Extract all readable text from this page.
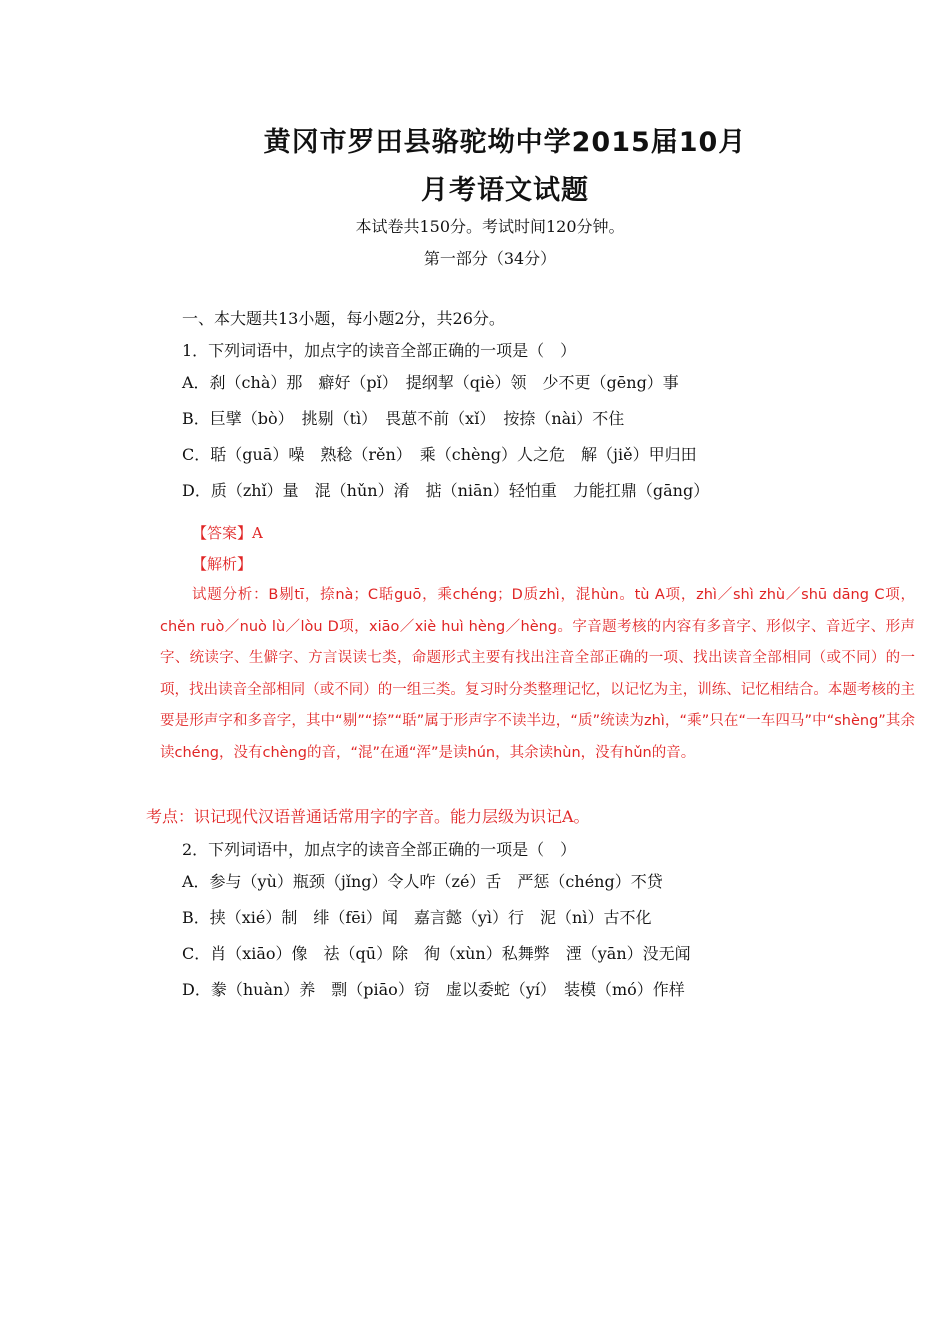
黄冈市罗田县骆驼坳中学2015届10月
月考语文试题
本试卷共150分。考试时间120分钟。
第一部分（34分）
一、本大题共13小题，每小题2分，共26分。
1．下列词语中，加点字的读音全部正确的一项是（　）
A．刹（chà）那　癖好（pǐ）　提纲挈（qiè）领　少不更（gēng）事
B．巨擘（bò）　挑剔（tì）　畏葸不前（xǐ）　按捺（nài）不住
C．聒（guā）噪　熟稔（rěn）　乘（chèng）人之危　解（jiě）甲归田
D．质（zhǐ）量　混（hǔn）淆　掂（niān）轻怕重　力能扛鼎（gāng）
【答案】A
【解析】

试题分析：B剔tī，捺nà；C聒guō，乘chéng；D质zhì，混hùn。tù A项，zhì／shì zhù／shū dāng C项，chěn ruò／nuò lù／lòu D项，xiāo／xiè huì hèng／hèng。字音题考核的内容有多音字、形似字、音近字、形声字、统读字、生僻字、方言误读七类，命题形式主要有找出注音全部正确的一项、找出读音全部相同（或不同）的一项，找出读音全部相同（或不同）的一组三类。复习时分类整理记忆，以记忆为主，训练、记忆相结合。本题考核的主要是形声字和多音字，其中“剔”“捺”“聒”属于形声字不读半边，“质”统读为zhì，“乘”只在“一车四马”中“shèng”其余读chéng，没有chèng的音，“混”在通“浑”是读hún，其余读hùn，没有hǔn的音。

考点：识记现代汉语普通话常用字的字音。能力层级为识记A。
2．下列词语中，加点字的读音全部正确的一项是（　）
A．参与（yù）瓶颈（jǐng）令人咋（zé）舌　严惩（chéng）不贷
B．挟（xié）制　绯（fēi）闻　嘉言懿（yì）行　泥（nì）古不化
C．肖（xiāo）像　祛（qū）除　徇（xùn）私舞弊　湮（yān）没无闻
D．豢（huàn）养　剽（piāo）窃　虚以委蛇（yí）　装模（mó）作样
